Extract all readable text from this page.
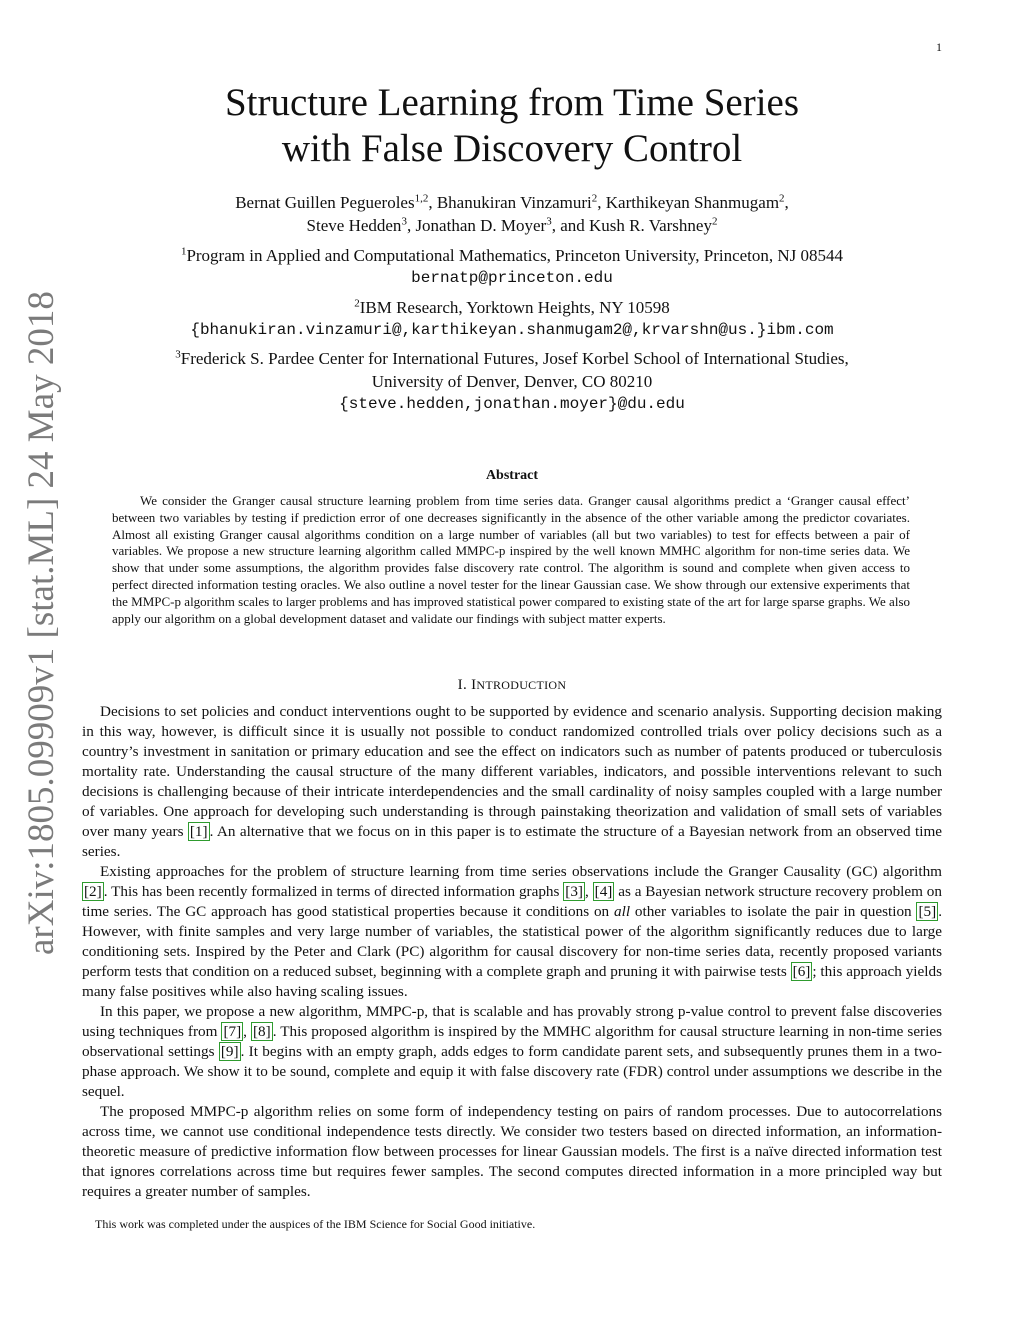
1
arXiv:1805.09909v1 [stat.ML] 24 May 2018
Structure Learning from Time Series
with False Discovery Control
Bernat Guillen Pegueroles$^{1,2}$, Bhanukiran Vinzamuri$^2$, Karthikeyan Shanmugam$^2$,
Steve Hedden$^3$, Jonathan D. Moyer$^3$, and Kush R. Varshney$^2$
$^1$Program in Applied and Computational Mathematics, Princeton University, Princeton, NJ 08544
bernatp@princeton.edu
$^2$IBM Research, Yorktown Heights, NY 10598
{bhanukiran.vinzamuri@,karthikeyan.shanmugam2@,krvarshn@us.}ibm.com
$^3$Frederick S. Pardee Center for International Futures, Josef Korbel School of International Studies,
University of Denver, Denver, CO 80210
{steve.hedden,jonathan.moyer}@du.edu
Abstract
We consider the Granger causal structure learning problem from time series data. Granger causal algorithms predict a ‘Granger causal effect’ between two variables by testing if prediction error of one decreases significantly in the absence of the other variable among the predictor covariates. Almost all existing Granger causal algorithms condition on a large number of variables (all but two variables) to test for effects between a pair of variables. We propose a new structure learning algorithm called MMPC-p inspired by the well known MMHC algorithm for non-time series data. We show that under some assumptions, the algorithm provides false discovery rate control. The algorithm is sound and complete when given access to perfect directed information testing oracles. We also outline a novel tester for the linear Gaussian case. We show through our extensive experiments that the MMPC-p algorithm scales to larger problems and has improved statistical power compared to existing state of the art for large sparse graphs. We also apply our algorithm on a global development dataset and validate our findings with subject matter experts.
I. INTRODUCTION

Decisions to set policies and conduct interventions ought to be supported by evidence and scenario analysis. Supporting decision making in this way, however, is difficult since it is usually not possible to conduct randomized controlled trials over policy decisions such as a country’s investment in sanitation or primary education and see the effect on indicators such as number of patents produced or tuberculosis mortality rate. Understanding the causal structure of the many different variables, indicators, and possible interventions relevant to such decisions is challenging because of their intricate interdependencies and the small cardinality of noisy samples coupled with a large number of variables. One approach for developing such understanding is through painstaking theorization and validation of small sets of variables over many years [1] . An alternative that we focus on in this paper is to estimate the structure of a Bayesian network from an observed time series.

Existing approaches for the problem of structure learning from time series observations include the Granger Causality (GC) algorithm [2] . This has been recently formalized in terms of directed information graphs [3] , [4] as a Bayesian network structure recovery problem on time series. The GC approach has good statistical properties because it conditions on all other variables to isolate the pair in question [5] . However, with finite samples and very large number of variables, the statistical power of the algorithm significantly reduces due to large conditioning sets. Inspired by the Peter and Clark (PC) algorithm for causal discovery for non-time series data, recently proposed variants perform tests that condition on a reduced subset, beginning with a complete graph and pruning it with pairwise tests [6] ; this approach yields many false positives while also having scaling issues.

In this paper, we propose a new algorithm, MMPC-p, that is scalable and has provably strong p-value control to prevent false discoveries using techniques from [7] , [8] . This proposed algorithm is inspired by the MMHC algorithm for causal structure learning in non-time series observational settings [9] . It begins with an empty graph, adds edges to form candidate parent sets, and subsequently prunes them in a two-phase approach. We show it to be sound, complete and equip it with false discovery rate (FDR) control under assumptions we describe in the sequel.

The proposed MMPC-p algorithm relies on some form of independency testing on pairs of random processes. Due to autocorrelations across time, we cannot use conditional independence tests directly. We consider two testers based on directed information, an information-theoretic measure of predictive information flow between processes for linear Gaussian models. The first is a naïve directed information test that ignores correlations across time but requires fewer samples. The second computes directed information in a more principled way but requires a greater number of samples.

This work was completed under the auspices of the IBM Science for Social Good initiative.
